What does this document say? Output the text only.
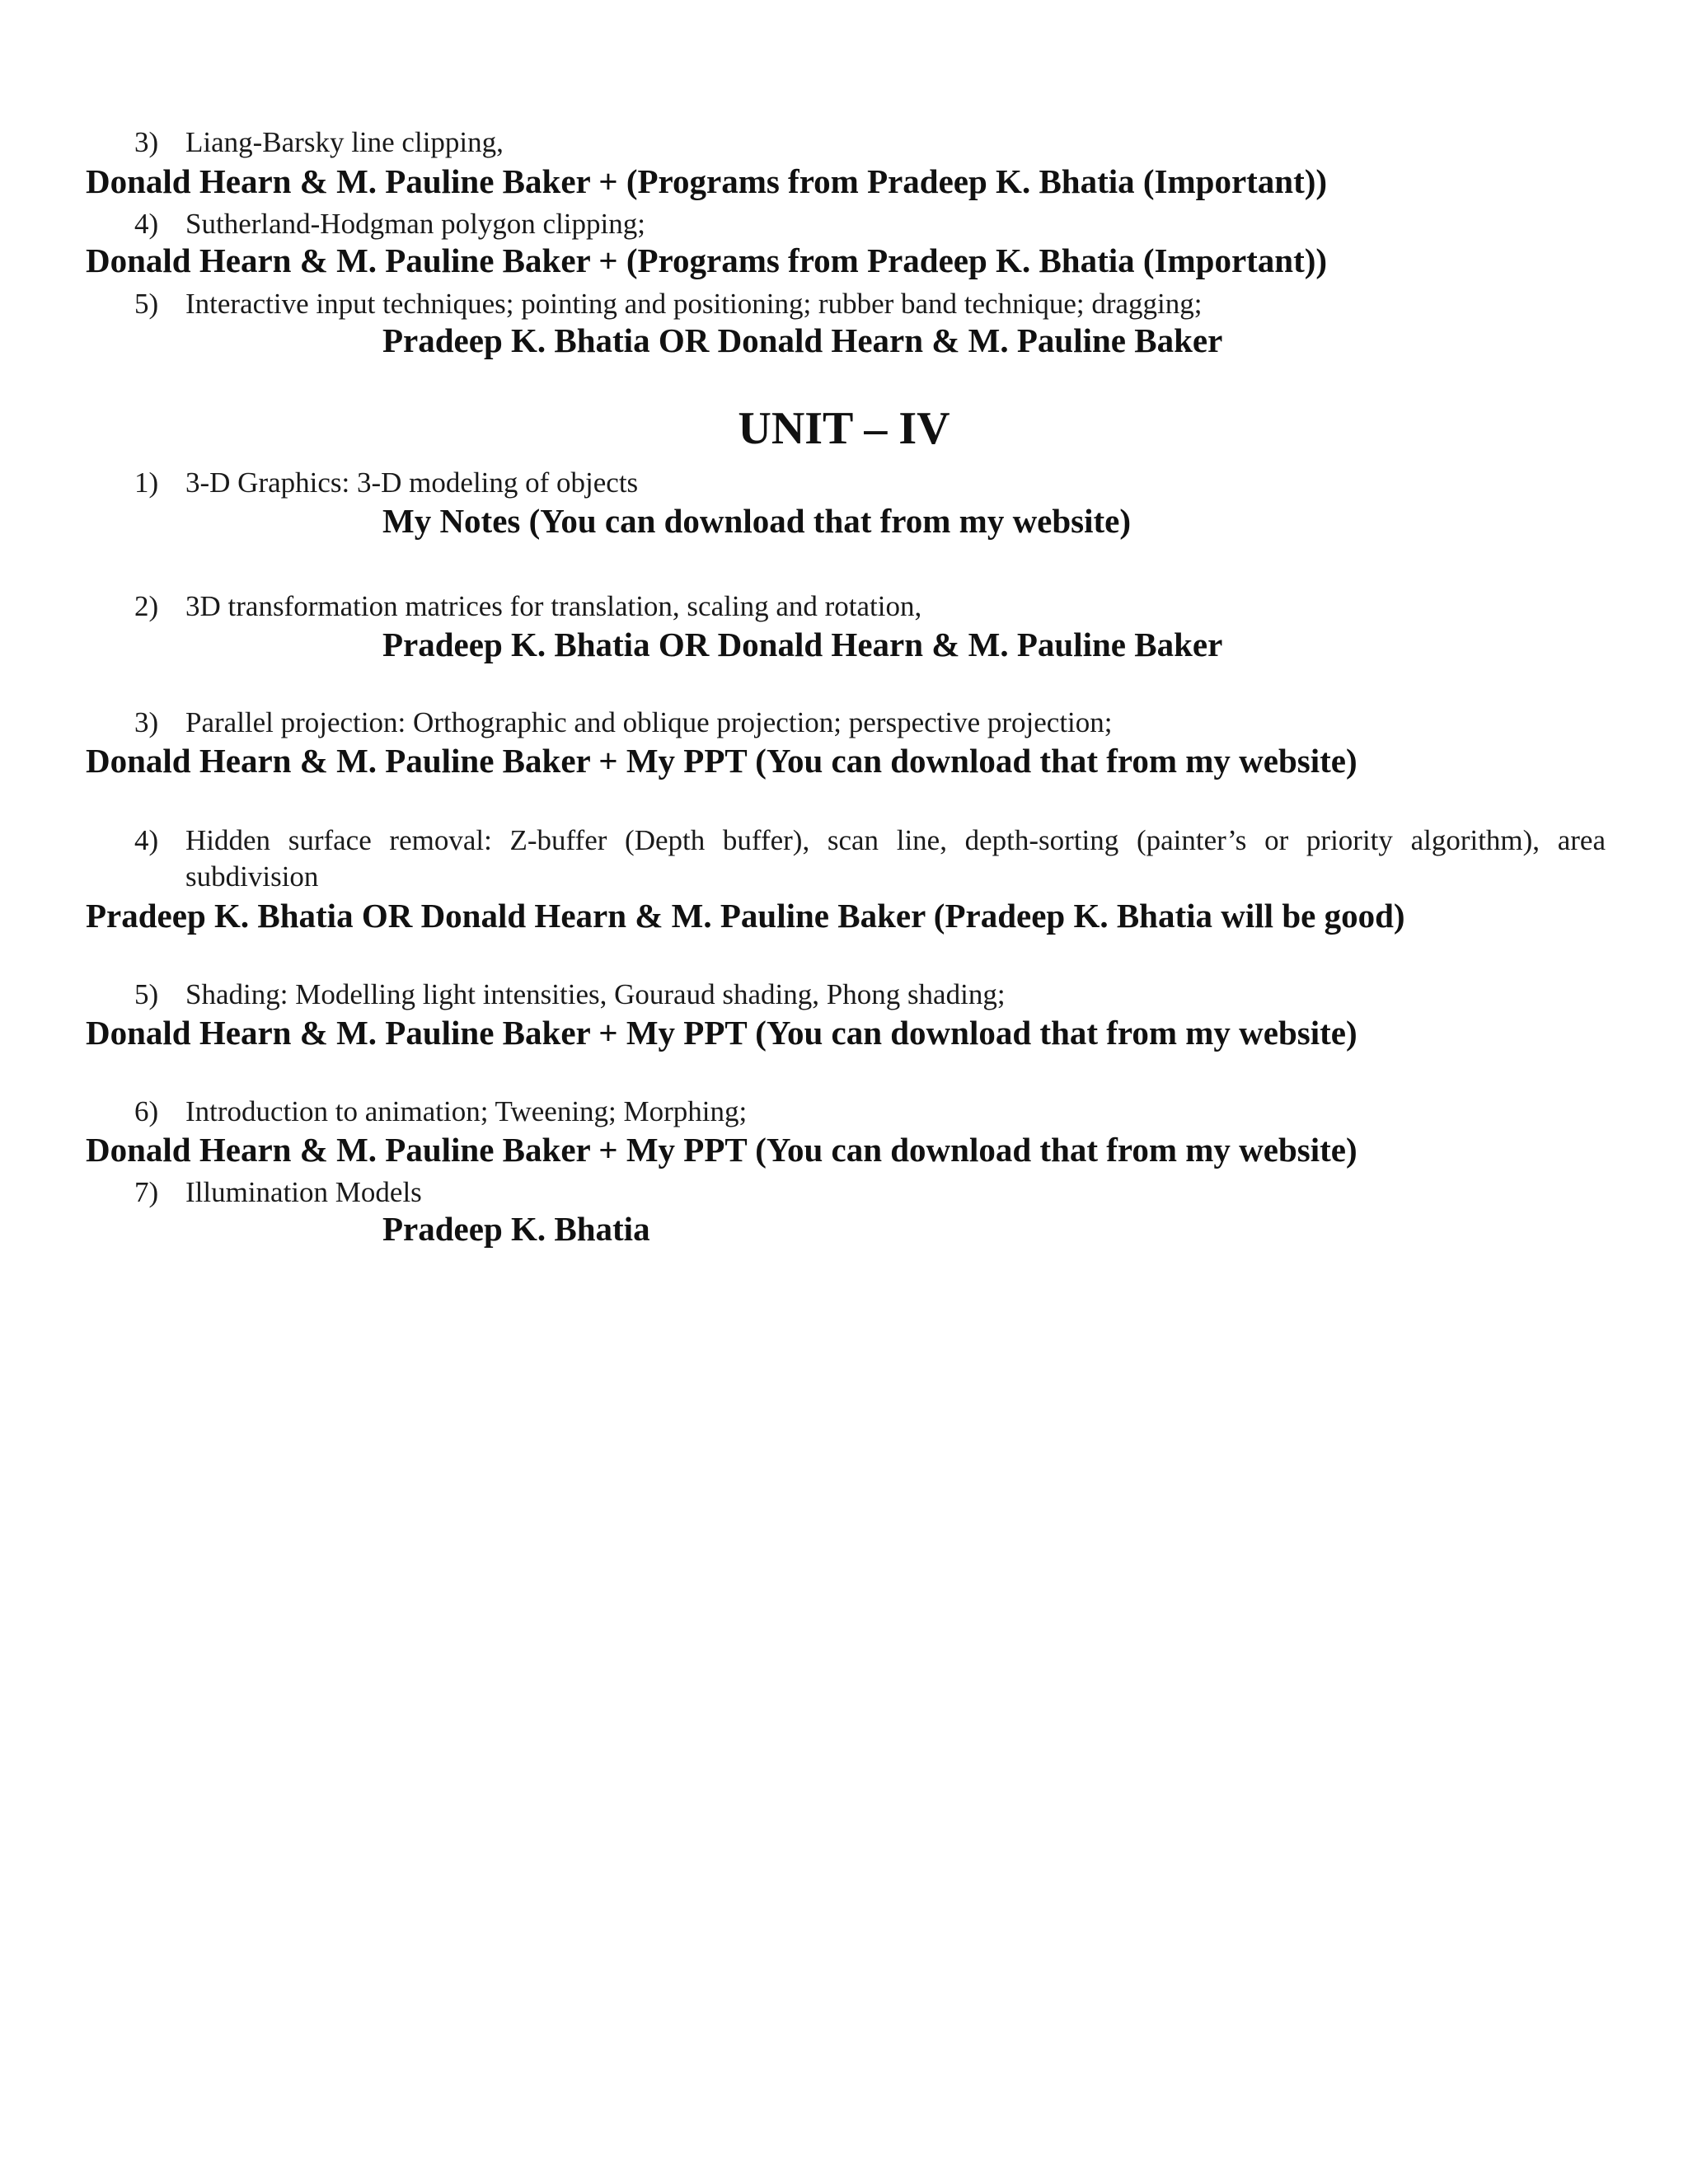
3) Liang-Barsky line clipping,
Donald Hearn & M. Pauline Baker + (Programs from Pradeep K. Bhatia (Important))
4) Sutherland-Hodgman polygon clipping;
Donald Hearn & M. Pauline Baker + (Programs from Pradeep K. Bhatia (Important))
5) Interactive input techniques; pointing and positioning; rubber band technique; dragging;
Pradeep K. Bhatia OR Donald Hearn & M. Pauline Baker
UNIT – IV
1) 3-D Graphics: 3-D modeling of objects
My Notes (You can download that from my website)
2) 3D transformation matrices for translation, scaling and rotation,
Pradeep K. Bhatia OR Donald Hearn & M. Pauline Baker
3) Parallel projection: Orthographic and oblique projection; perspective projection;
Donald Hearn & M. Pauline Baker + My PPT (You can download that from my website)
4) Hidden surface removal: Z-buffer (Depth buffer), scan line, depth-sorting (painter’s or priority algorithm), area subdivision
Pradeep K. Bhatia OR Donald Hearn & M. Pauline Baker (Pradeep K. Bhatia will be good)
5) Shading: Modelling light intensities, Gouraud shading, Phong shading;
Donald Hearn & M. Pauline Baker + My PPT (You can download that from my website)
6) Introduction to animation; Tweening; Morphing;
Donald Hearn & M. Pauline Baker + My PPT (You can download that from my website)
7) Illumination Models
Pradeep K. Bhatia
